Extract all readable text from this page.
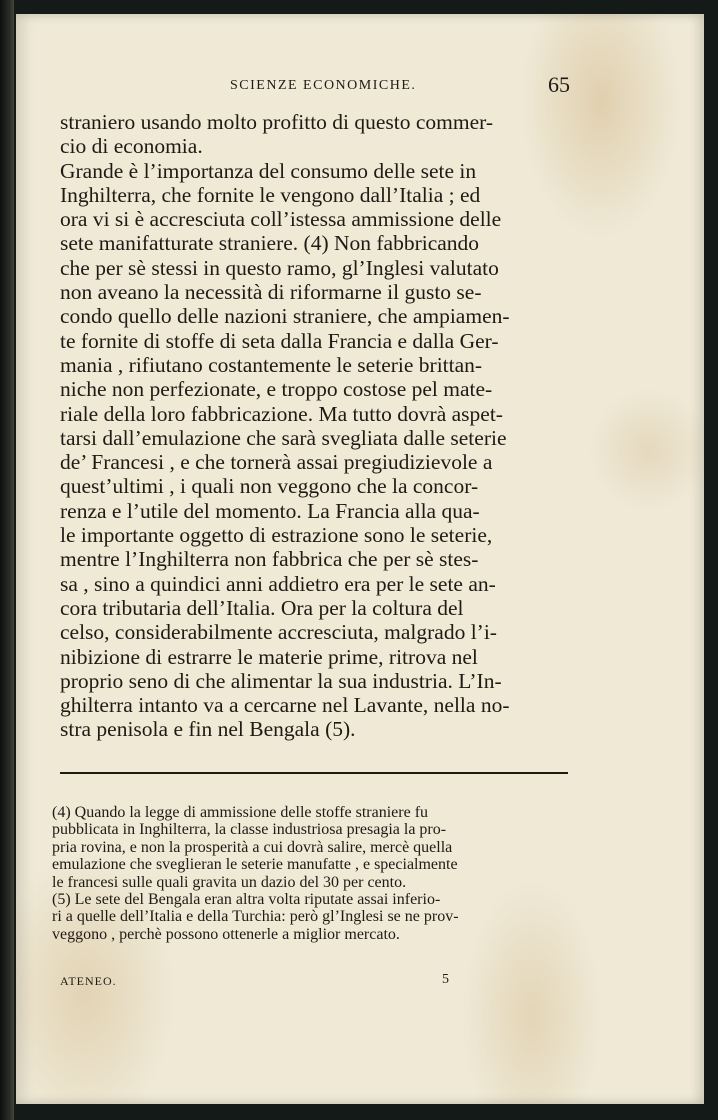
SCIENZE ECONOMICHE.	65
straniero usando molto profitto di questo commer-
cio di economia.
Grande è l’importanza del consumo delle sete in
Inghilterra, che fornite le vengono dall’Italia ; ed
ora vi si è accresciuta coll’istessa ammissione delle
sete manifatturate straniere. (4) Non fabbricando
che per sè stessi in questo ramo, gl’Inglesi valutato
non aveano la necessità di riformarne il gusto se-
condo quello delle nazioni straniere, che ampiamen-
te fornite di stoffe di seta dalla Francia e dalla Ger-
mania , rifiutano costantemente le seterie brittan-
niche non perfezionate, e troppo costose pel mate-
riale della loro fabbricazione. Ma tutto dovrà aspet-
tarsi dall’emulazione che sarà svegliata dalle seterie
de’ Francesi , e che tornerà assai pregiudizievole a
quest’ultimi , i quali non veggono che la concor-
renza e l’utile del momento. La Francia alla qua-
le importante oggetto di estrazione sono le seterie,
mentre l’Inghilterra non fabbrica che per sè stes-
sa , sino a quindici anni addietro era per le sete an-
cora tributaria dell’Italia. Ora per la coltura del
celso, considerabilmente accresciuta, malgrado l’i-
nibizione di estrarre le materie prime, ritrova nel
proprio seno di che alimentar la sua industria. L’In-
ghilterra intanto va a cercarne nel Lavante, nella no-
stra penisola e fin nel Bengala (5).
(4) Quando la legge di ammissione delle stoffe straniere fu
pubblicata in Inghilterra, la classe industriosa presagia la pro-
pria rovina, e non la prosperità a cui dovrà salire, mercè quella
emulazione che sveglieran le seterie manufatte , e specialmente
le francesi sulle quali gravita un dazio del 30 per cento.
(5) Le sete del Bengala eran altra volta riputate assai inferio-
ri a quelle dell’Italia e della Turchia: però gl’Inglesi se ne prov-
veggono , perchè possono ottenerle a miglior mercato.
ATENEO.	5
